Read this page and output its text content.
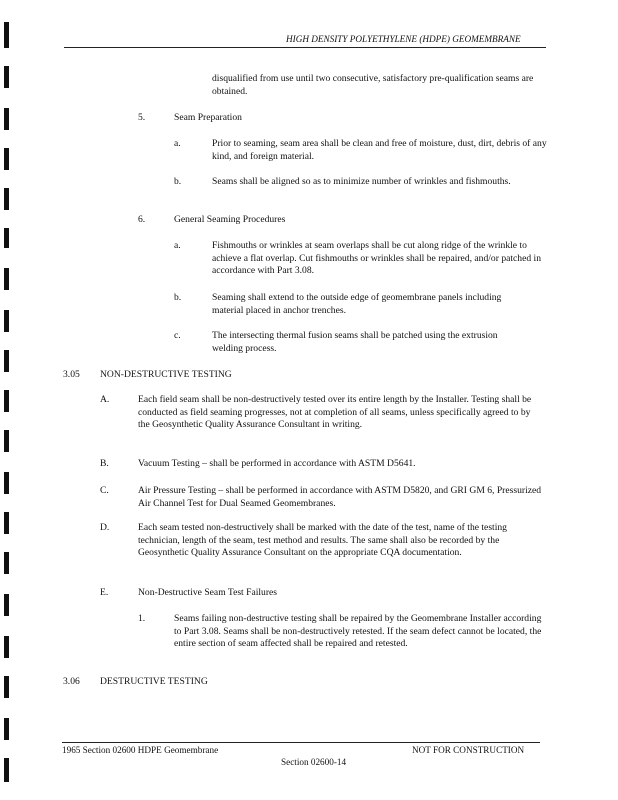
HIGH DENSITY POLYETHYLENE (HDPE) GEOMEMBRANE
disqualified from use until two consecutive, satisfactory pre-qualification seams are obtained.
5.	Seam Preparation
a.	Prior to seaming, seam area shall be clean and free of moisture, dust, dirt, debris of any kind, and foreign material.
b.	Seams shall be aligned so as to minimize number of wrinkles and fishmouths.
6.	General Seaming Procedures
a.	Fishmouths or wrinkles at seam overlaps shall be cut along ridge of the wrinkle to achieve a flat overlap. Cut fishmouths or wrinkles shall be repaired, and/or patched in accordance with Part 3.08.
b.	Seaming shall extend to the outside edge of geomembrane panels including material placed in anchor trenches.
c.	The intersecting thermal fusion seams shall be patched using the extrusion welding process.
3.05 NON-DESTRUCTIVE TESTING
A.	Each field seam shall be non-destructively tested over its entire length by the Installer. Testing shall be conducted as field seaming progresses, not at completion of all seams, unless specifically agreed to by the Geosynthetic Quality Assurance Consultant in writing.
B.	Vacuum Testing – shall be performed in accordance with ASTM D5641.
C.	Air Pressure Testing – shall be performed in accordance with ASTM D5820, and GRI GM 6, Pressurized Air Channel Test for Dual Seamed Geomembranes.
D.	Each seam tested non-destructively shall be marked with the date of the test, name of the testing technician, length of the seam, test method and results. The same shall also be recorded by the Geosynthetic Quality Assurance Consultant on the appropriate CQA documentation.
E.	Non-Destructive Seam Test Failures
1.	Seams failing non-destructive testing shall be repaired by the Geomembrane Installer according to Part 3.08. Seams shall be non-destructively retested. If the seam defect cannot be located, the entire section of seam affected shall be repaired and retested.
3.06 DESTRUCTIVE TESTING
1965 Section 02600 HDPE Geomembrane	NOT FOR CONSTRUCTION
Section 02600-14
